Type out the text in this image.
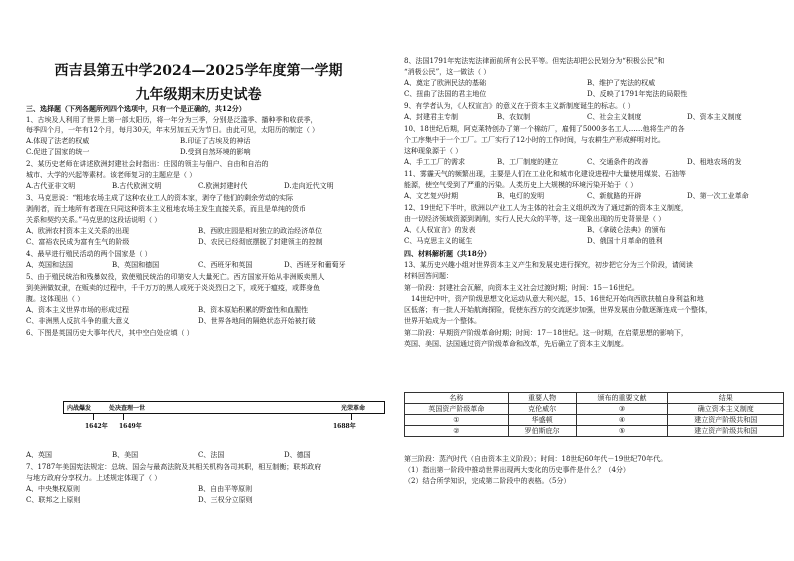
西吉县第五中学2024—2025学年度第一学期
九年级期末历史试卷
三、选择题（下列各题所列四个选项中，只有一个是正确的，共12分）
1、古埃及人利用了世界上第一部太阳历，将一年分为三季，分别是泛滥季、播种季和收获季，
每季四个月，一年有12个月，每月30天，年末另加五天为节日。由此可见，太阳历的制定（ ）
A.体现了法老的权威	B.印证了古埃及的神话
C.促进了国家的统一	D.受到自然环境的影响
2、某历史老师在讲述欧洲封建社会时指出：庄园的领主与佃户、自由和自治的
城市、大学的兴起等素材。该老师复习的主题应是（ ）
A.古代亚非文明	B.古代欧洲文明	C.欧洲封建时代	D.走向近代文明
3、马克思说：“粗地农场主成了这种农业工人的资本家，剥夺了他们的剩余劳动的实际
剥削者，而土地所有者现在只同这种资本主义租地农场主发生直接关系，而且是单纯的货币
关系和契约关系。”马克思的这段话说明（ ）
A、欧洲农村资本主义关系的出现	B、西欧庄园是相对独立的政治经济单位
C、富裕农民成为富有生气的阶级	D、农民已经彻底摆脱了封建领主的控制
4、最早进行殖民活动的两个国家是（ ）
A、英国和法国	B、英国和德国	C、西班牙和英国	D、西班牙和葡萄牙
5、由于殖民统治和残暴奴役，致使殖民统治的印第安人大量死亡。西方国家开始从非洲贩卖黑人
到美洲做奴隶，在贩卖的过程中，千千万万的黑人或死于炎炎烈日之下，或死于瘟疫，或葬身鱼
腹。这体现出（ ）
A、资本主义世界市场的形成过程	B、资本原始积累的野蛮性和血腥性
C、非洲黑人反抗斗争的重大意义	D、世界各地间的隔绝状态开始被打破
6、下图是英国历史大事年代尺，其中空白处应填（ ）
内战爆发	处决查理一世	光荣革命
1642年 1649年	1688年
A、英国	B、美国	C、法国	D、德国
7、1787年美国宪法规定：总统、国会与最高法院及其相关机构各司其职，相互制衡；联邦政府
与地方政府分享权力。上述规定体现了（ ）
A、中央集权原则	B、自由平等原则
C、联邦之上原则	D、三权分立原则
8、法国1791年宪法宪法律面前所有公民平等。但宪法却把公民划分为“积极公民”和
“消极公民”，这一做法（ ）
A、奠定了欧洲民法的基础	B、维护了宪法的权威
C、扭曲了法国的君主地位	D、反映了1791年宪法的局限性
9、有学者认为，《人权宣言》的意义在于资本主义新制度诞生的标志。（ ）
A、封建君主专制	B、农奴制	C、社会主义制度	D、资本主义制度
10、18世纪后期，阿克莱特创办了第一个棉纺厂，雇佣了5000多名工人……他将生产的各
个工序集中于一个工厂。工厂实行了12小时的工作时间，与农耕生产形成鲜明对比。
这种现象源于（ ）
A、手工工厂的需求	B、工厂制度的建立	C、交通条件的改善	D、租地农场的发
11、雾霾天气的频繁出现，主要是人们在工业化和城市化建设进程中大量使用煤炭、石油等
能源，使空气受到了严重的污染。人类历史上大规模的环境污染开始于（ ）
A、文艺复兴时期	B、电灯的发明	C、新航路的开辟	D、第一次工业革命
12、19世纪下半叶，欧洲以产业工人为主体的社会主义组织改为了通过新的资本主义制度，
由一切经济领域资源到剥削，实行人民大众的平等，这一现象出现的历史背景是（ ）
A、《人权宣言》的发表	B、《拿破仑法典》的颁布
C、马克思主义的诞生	D、俄国十月革命的胜利
四、材料解析题（共18分）
13、某历史兴趣小组对世界资本主义产生和发展史进行探究，初步把它分为三个阶段，请阅读
材料回答问题：
第一阶段：封建社会瓦解，向资本主义社会过渡时期；时间：15－16世纪。
14世纪中叶，资产阶级思想文化运动从意大利兴起，15、16世纪开始向西欧扶植自身利益和地
区低落；有一批人开始航海探险，促使东西方的交流逐步加强，世界发展由分散逐渐连成一个整体，
世界开始成为一个整体。
第二阶段：早期资产阶级革命时期；时间：17－18世纪。这一时期，在启蒙思想的影响下，
英国、美国、法国通过资产阶级革命和改革，先后确立了资本主义制度。
第三阶段：蒸汽时代（自由资本主义阶段）；时间：18世纪60年代－19世纪70年代。
（1）指出第一阶段中推动世界出现两大变化的历史事件是什么？（4分）
（2）结合所学知识，完成第二阶段中的表格。（5分）
名称	重要人物	颁布的重要文献	结果
英国资产阶级革命	克伦威尔	③	确立资本主义制度
①	华盛顿	④	建立资产阶级共和国
②	罗伯斯庇尔	⑤	建立资产阶级共和国
